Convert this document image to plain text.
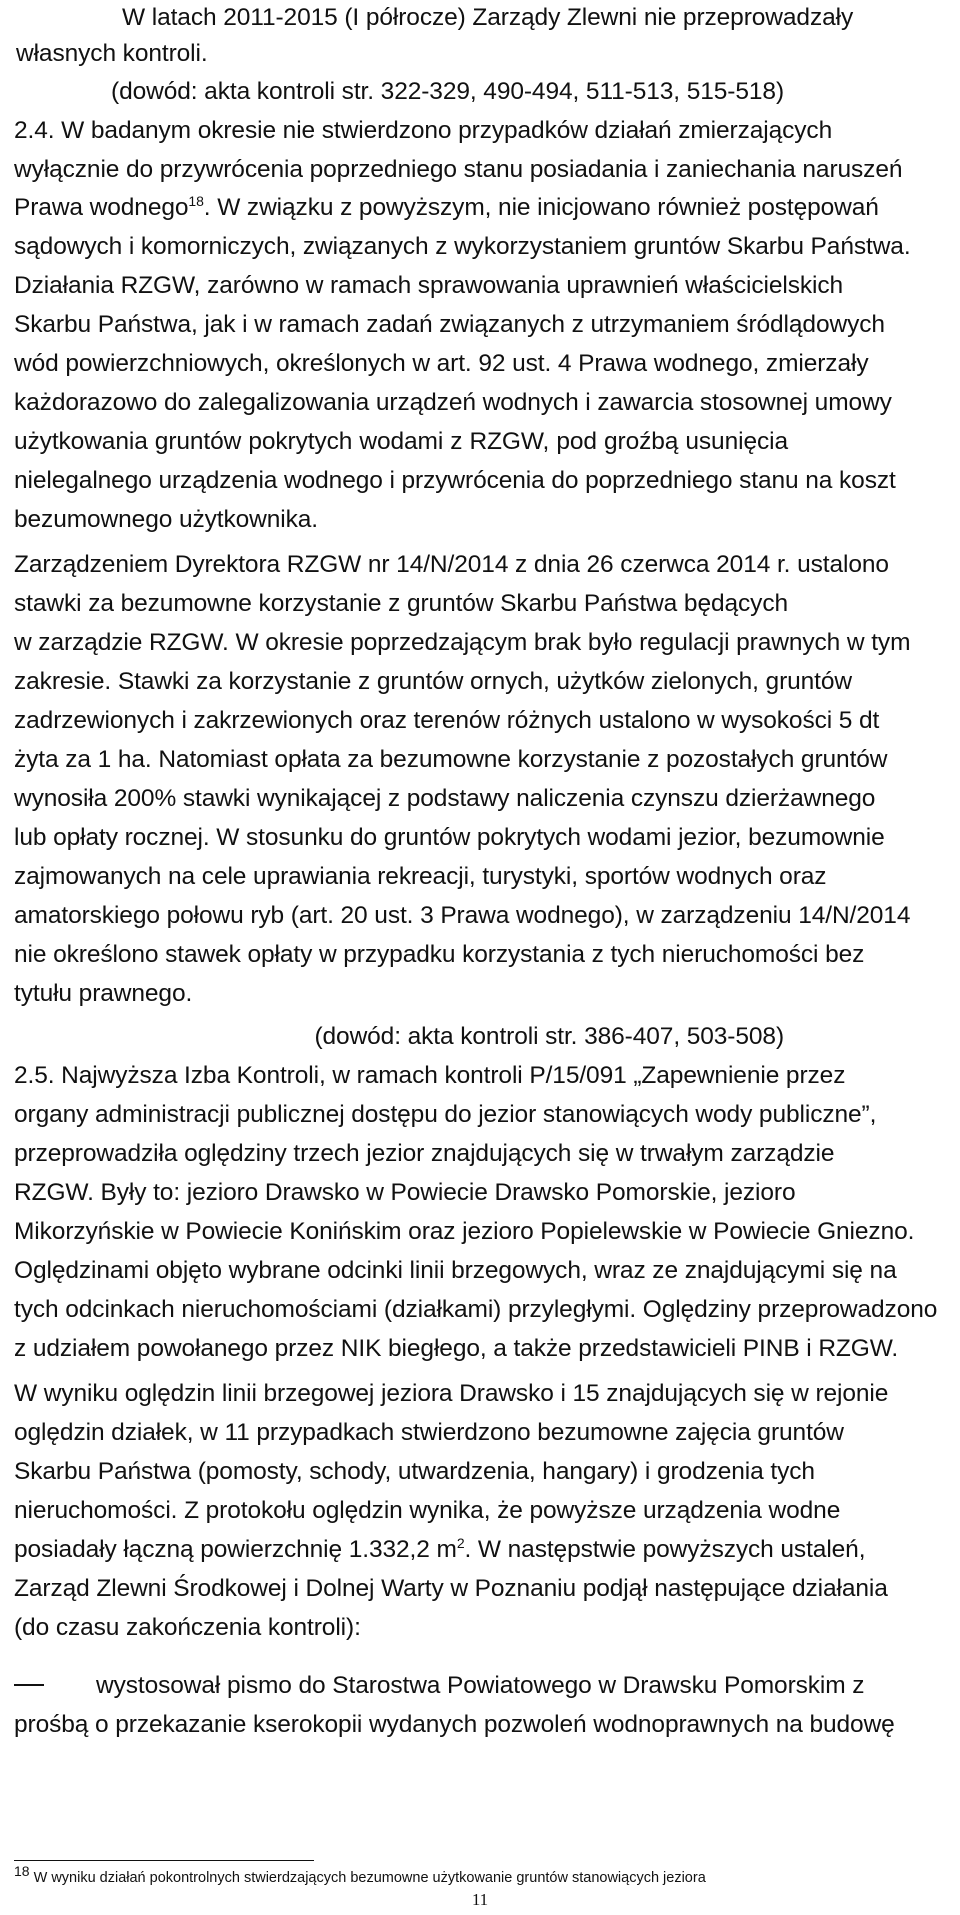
W latach 2011-2015 (I półrocze) Zarządy Zlewni nie przeprowadzały

własnych kontroli.

(dowód: akta kontroli str. 322-329, 490-494, 511-513, 515-518)

2.4. W badanym okresie nie stwierdzono przypadków działań zmierzających

wyłącznie do przywrócenia poprzedniego stanu posiadania i zaniechania naruszeń

Prawa wodnego$^{18}$. W związku z powyższym, nie inicjowano również postępowań

sądowych i komorniczych, związanych z wykorzystaniem gruntów Skarbu Państwa.

Działania RZGW, zarówno w ramach sprawowania uprawnień właścicielskich

Skarbu Państwa, jak i w ramach zadań związanych z utrzymaniem śródlądowych

wód powierzchniowych, określonych w art. 92 ust. 4 Prawa wodnego, zmierzały

każdorazowo do zalegalizowania urządzeń wodnych i zawarcia stosownej umowy

użytkowania gruntów pokrytych wodami z RZGW, pod groźbą usunięcia

nielegalnego urządzenia wodnego i przywrócenia do poprzedniego stanu na koszt

bezumownego użytkownika.

Zarządzeniem Dyrektora RZGW nr 14/N/2014 z dnia 26 czerwca 2014 r. ustalono

stawki za bezumowne korzystanie z gruntów Skarbu Państwa będących

w zarządzie RZGW. W okresie poprzedzającym brak było regulacji prawnych w tym

zakresie. Stawki za korzystanie z gruntów ornych, użytków zielonych, gruntów

zadrzewionych i zakrzewionych oraz terenów różnych ustalono w wysokości 5 dt

żyta za 1 ha. Natomiast opłata za bezumowne korzystanie z pozostałych gruntów

wynosiła 200% stawki wynikającej z podstawy naliczenia czynszu dzierżawnego

lub opłaty rocznej. W stosunku do gruntów pokrytych wodami jezior, bezumownie

zajmowanych na cele uprawiania rekreacji, turystyki, sportów wodnych oraz

amatorskiego połowu ryb (art. 20 ust. 3 Prawa wodnego), w zarządzeniu 14/N/2014

nie określono stawek opłaty w przypadku korzystania z tych nieruchomości bez

tytułu prawnego.

(dowód: akta kontroli str. 386-407, 503-508)

2.5. Najwyższa Izba Kontroli, w ramach kontroli P/15/091 „Zapewnienie przez

organy administracji publicznej dostępu do jezior stanowiących wody publiczne”,

przeprowadziła oględziny trzech jezior znajdujących się w trwałym zarządzie

RZGW. Były to: jezioro Drawsko w Powiecie Drawsko Pomorskie, jezioro

Mikorzyńskie w Powiecie Konińskim oraz jezioro Popielewskie w Powiecie Gniezno.

Oględzinami objęto wybrane odcinki linii brzegowych, wraz ze znajdującymi się na

tych odcinkach nieruchomościami (działkami) przyległymi. Oględziny przeprowadzono

z udziałem powołanego przez NIK biegłego, a także przedstawicieli PINB i RZGW.

W wyniku oględzin linii brzegowej jeziora Drawsko i 15 znajdujących się w rejonie

oględzin działek, w 11 przypadkach stwierdzono bezumowne zajęcia gruntów

Skarbu Państwa (pomosty, schody, utwardzenia, hangary) i grodzenia tych

nieruchomości. Z protokołu oględzin wynika, że powyższe urządzenia wodne

posiadały łączną powierzchnię 1.332,2 $m^2$. W następstwie powyższych ustaleń,

Zarząd Zlewni Środkowej i Dolnej Warty w Poznaniu podjął następujące działania

(do czasu zakończenia kontroli):

wystosował pismo do Starostwa Powiatowego w Drawsku Pomorskim z

prośbą o przekazanie kserokopii wydanych pozwoleń wodnoprawnych na budowę

$^{18}$ W wyniku działań pokontrolnych stwierdzających bezumowne użytkowanie gruntów stanowiących jeziora
11
